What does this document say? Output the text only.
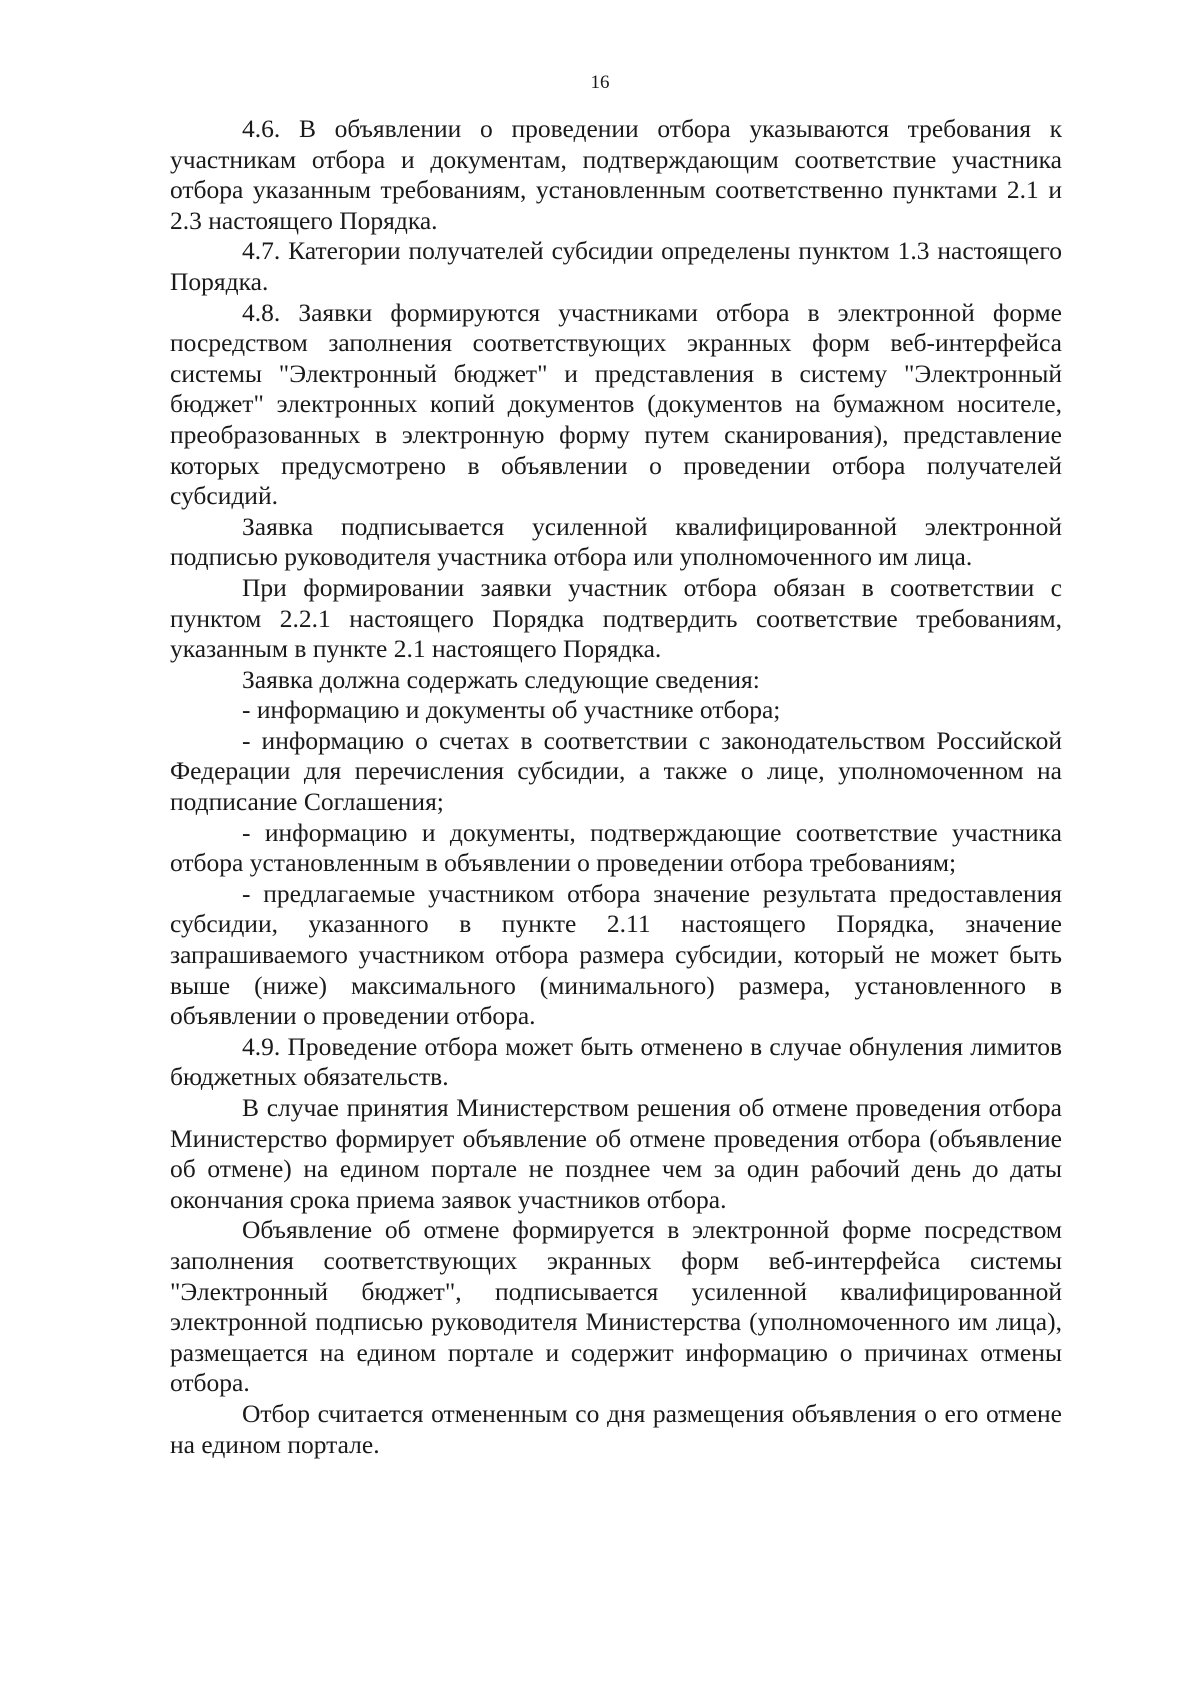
16

4.6. В объявлении о проведении отбора указываются требования к участникам отбора и документам, подтверждающим соответствие участника отбора указанным требованиям, установленным соответственно пунктами 2.1 и 2.3 настоящего Порядка.

4.7. Категории получателей субсидии определены пунктом 1.3 настоящего Порядка.

4.8. Заявки формируются участниками отбора в электронной форме посредством заполнения соответствующих экранных форм веб-интерфейса системы "Электронный бюджет" и представления в систему "Электронный бюджет" электронных копий документов (документов на бумажном носителе, преобразованных в электронную форму путем сканирования), представление которых предусмотрено в объявлении о проведении отбора получателей субсидий.

Заявка подписывается усиленной квалифицированной электронной подписью руководителя участника отбора или уполномоченного им лица.

При формировании заявки участник отбора обязан в соответствии с пунктом 2.2.1 настоящего Порядка подтвердить соответствие требованиям, указанным в пункте 2.1 настоящего Порядка.

Заявка должна содержать следующие сведения:

- информацию и документы об участнике отбора;

- информацию о счетах в соответствии с законодательством Российской Федерации для перечисления субсидии, а также о лице, уполномоченном на подписание Соглашения;

- информацию и документы, подтверждающие соответствие участника отбора установленным в объявлении о проведении отбора требованиям;

- предлагаемые участником отбора значение результата предоставления субсидии, указанного в пункте 2.11 настоящего Порядка, значение запрашиваемого участником отбора размера субсидии, который не может быть выше (ниже) максимального (минимального) размера, установленного в объявлении о проведении отбора.

4.9. Проведение отбора может быть отменено в случае обнуления лимитов бюджетных обязательств.

В случае принятия Министерством решения об отмене проведения отбора Министерство формирует объявление об отмене проведения отбора (объявление об отмене) на едином портале не позднее чем за один рабочий день до даты окончания срока приема заявок участников отбора.

Объявление об отмене формируется в электронной форме посредством заполнения соответствующих экранных форм веб-интерфейса системы "Электронный бюджет", подписывается усиленной квалифицированной электронной подписью руководителя Министерства (уполномоченного им лица), размещается на едином портале и содержит информацию о причинах отмены отбора.

Отбор считается отмененным со дня размещения объявления о его отмене на едином портале.
